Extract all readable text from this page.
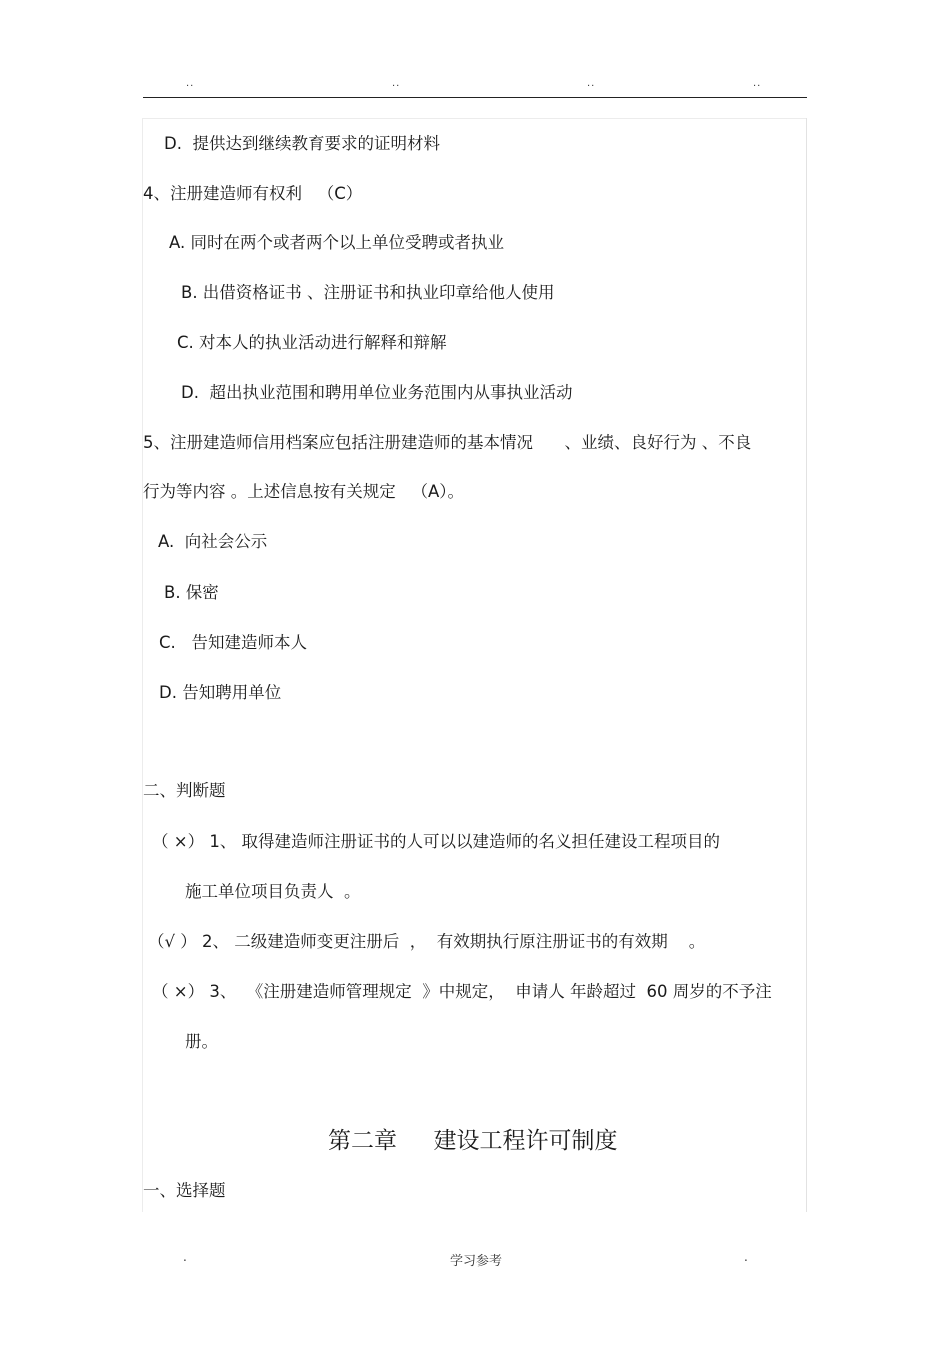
..	..	..	..
D.  提供达到继续教育要求的证明材料
4、注册建造师有权利   （C）
A. 同时在两个或者两个以上单位受聘或者执业
B. 出借资格证书 、注册证书和执业印章给他人使用
C. 对本人的执业活动进行解释和辩解
D.  超出执业范围和聘用单位业务范围内从事执业活动
5、注册建造师信用档案应包括注册建造师的基本情况      、业绩、良好行为 、不良
行为等内容 。上述信息按有关规定   （A）。
A.  向社会公示
B. 保密
C.   告知建造师本人
D. 告知聘用单位
二、判断题
（ ×） 1、 取得建造师注册证书的人可以以建造师的名义担任建设工程项目的
施工单位项目负责人  。
（√ ） 2、 二级建造师变更注册后  ，  有效期执行原注册证书的有效期    。
（ ×） 3、  《注册建造师管理规定  》中规定，  申请人 年龄超过  60 周岁的不予注
册。
第二章     建设工程许可制度
一、选择题
.	学习参考	.
